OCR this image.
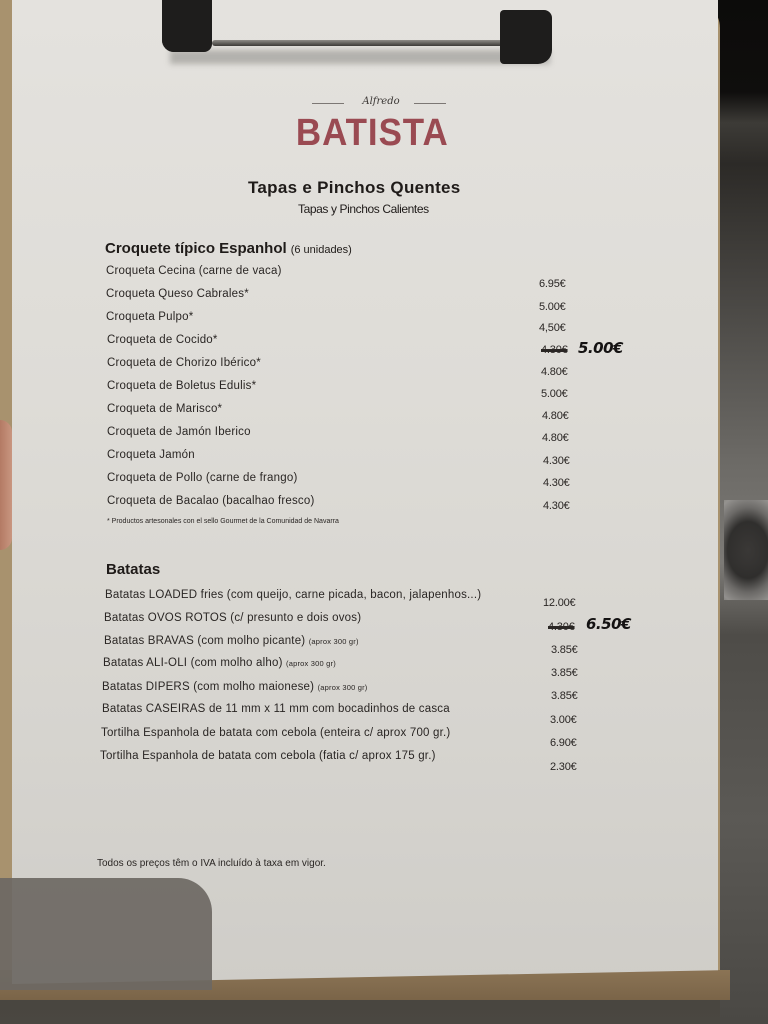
Alfredo
BATISTA
Tapas e Pinchos Quentes
Tapas y Pinchos Calientes
Croquete típico Espanhol (6 unidades)
Croqueta Cecina (carne de vaca)
Croqueta Queso Cabrales*
Croqueta Pulpo*
Croqueta de Cocido*
Croqueta de Chorizo Ibérico*
Croqueta de Boletus Edulis*
Croqueta de Marisco*
Croqueta de Jamón Iberico
Croqueta Jamón
Croqueta de Pollo (carne de frango)
Croqueta de Bacalao (bacalhao fresco)
* Productos artesonales con el sello Gourmet de la Comunidad de Navarra
6.95€
5.00€
4,50€
4.30€ 5.00€
4.80€
5.00€
4.80€
4.80€
4.30€
4.30€
4.30€
Batatas
Batatas LOADED fries (com queijo, carne picada, bacon, jalapenhos...)
Batatas OVOS ROTOS (c/ presunto e dois ovos)
Batatas BRAVAS (com molho picante) (aprox 300 gr)
Batatas ALI-OLI (com molho alho) (aprox 300 gr)
Batatas DIPERS (com molho maionese) (aprox 300 gr)
Batatas CASEIRAS de 11 mm x 11 mm com bocadinhos de casca
Tortilha Espanhola de batata com cebola (enteira c/ aprox 700 gr.)
Tortilha Espanhola de batata com cebola (fatia c/ aprox 175 gr.)
12.00€
4.30€ 6.50€
3.85€
3.85€
3.85€
3.00€
6.90€
2.30€
Todos os preços têm o IVA incluído à taxa em vigor.
